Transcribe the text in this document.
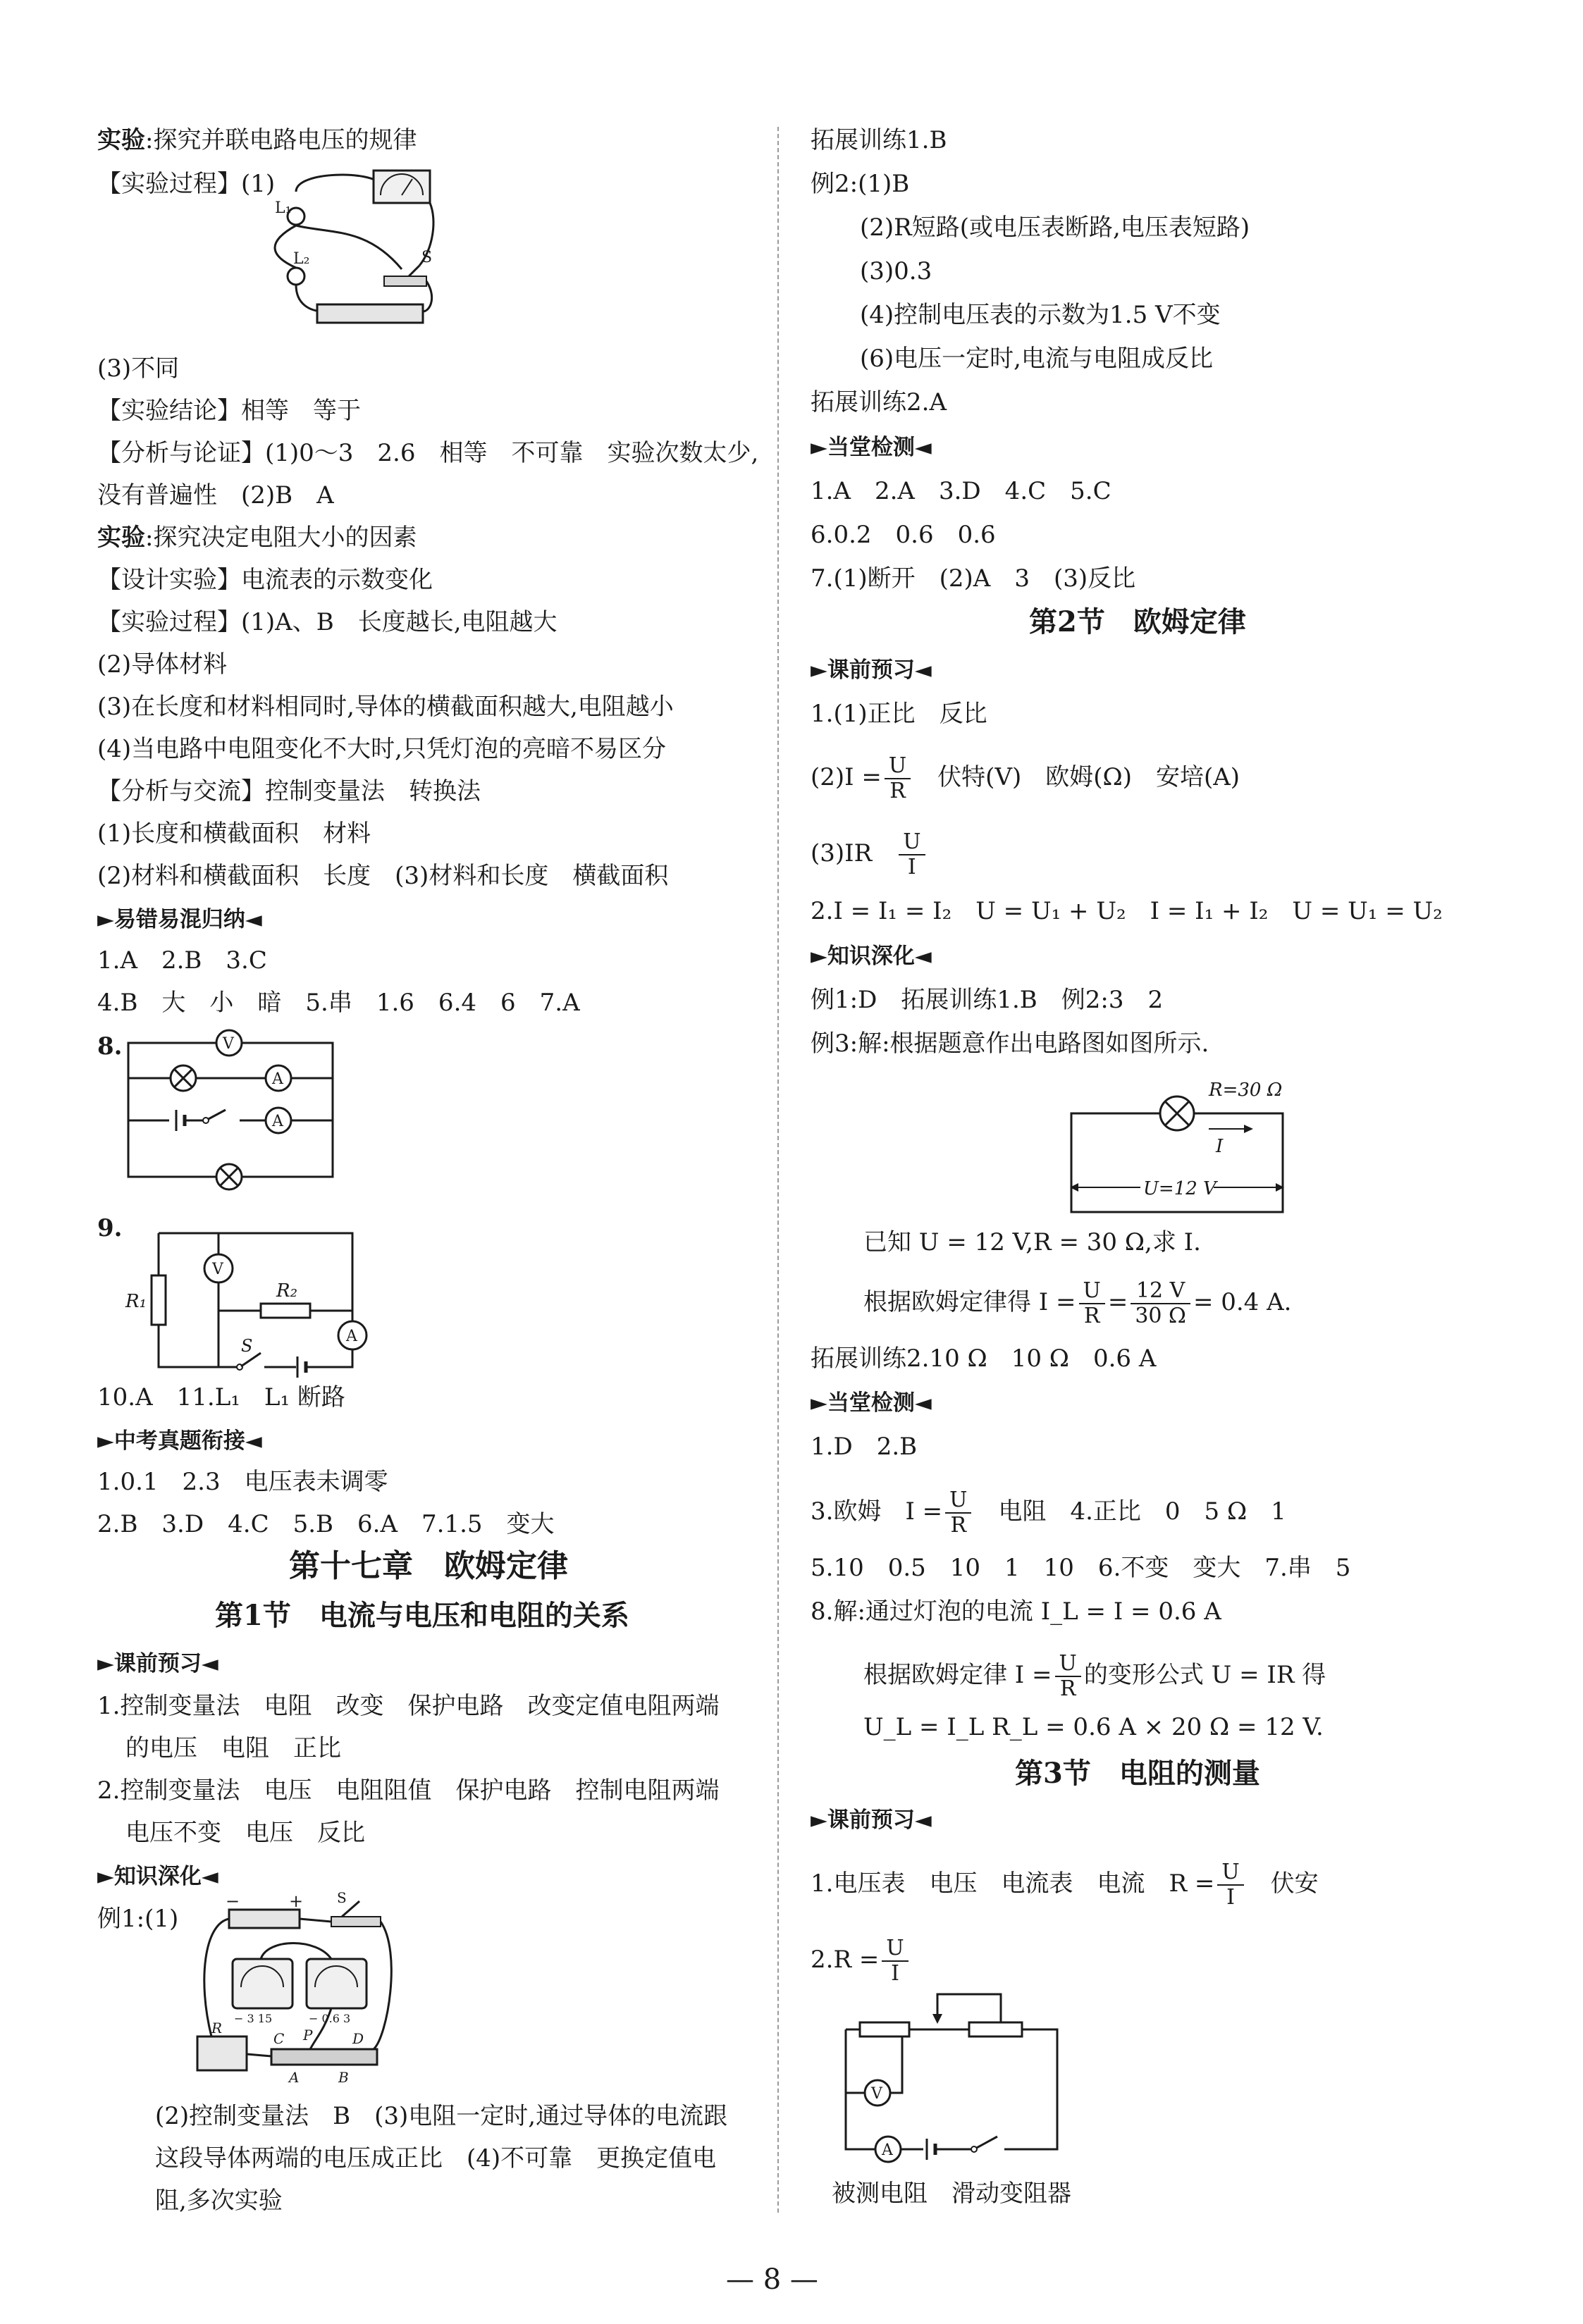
实验:探究并联电路电压的规律
【实验过程】(1)
L₁
L₂	S
(3)不同
【实验结论】相等　等于
【分析与论证】(1)0～3　2.6　相等　不可靠　实验次数太少,
没有普遍性　(2)B　A
实验:探究决定电阻大小的因素
【设计实验】电流表的示数变化
【实验过程】(1)A、B　长度越长,电阻越大
(2)导体材料
(3)在长度和材料相同时,导体的横截面积越大,电阻越小
(4)当电路中电阻变化不大时,只凭灯泡的亮暗不易区分
【分析与交流】控制变量法　转换法
(1)长度和横截面积　材料
(2)材料和横截面积　长度　(3)材料和长度　横截面积
►易错易混归纳◄
1.A　2.B　3.C
4.B　大　小　暗　5.串　1.6　6.4　6　7.A
8.	V
A
A
9.
R₁
V
R₂
A
S
10.A　11.L₁　L₁ 断路
►中考真题衔接◄
1.0.1　2.3　电压表未调零
2.B　3.D　4.C　5.B　6.A　7.1.5　变大
第十七章　欧姆定律
第1节　电流与电压和电阻的关系
►课前预习◄
1.控制变量法　电阻　改变　保护电路　改变定值电阻两端
的电压　电阻　正比
2.控制变量法　电压　电阻阻值　保护电路　控制电阻两端
电压不变　电压　反比
►知识深化◄
例1:(1)
−	+ S
− 3 15	− 0.6 3
R
C P	D
A	B
(2)控制变量法　B　(3)电阻一定时,通过导体的电流跟
这段导体两端的电压成正比　(4)不可靠　更换定值电
阻,多次实验
拓展训练1.B
例2:(1)B
(2)R短路(或电压表断路,电压表短路)
(3)0.3
(4)控制电压表的示数为1.5 V不变
(6)电压一定时,电流与电阻成反比
拓展训练2.A
►当堂检测◄
1.A　2.A　3.D　4.C　5.C
6.0.2　0.6　0.6
7.(1)断开　(2)A　3　(3)反比
第2节　欧姆定律
►课前预习◄
1.(1)正比　反比
$(2)I = \frac{U}{R}$ 　伏特(V)　欧姆(Ω)　安培(A)
(3)IR　 $\frac{U}{I}$
2.I = I₁ = I₂　U = U₁ + U₂　I = I₁ + I₂　U = U₁ = U₂
►知识深化◄
例1:D　拓展训练1.B　例2:3　2
例3:解:根据题意作出电路图如图所示.
R=30 Ω
I
U=12 V
已知 U = 12 V,R = 30 Ω,求 I.
根据欧姆定律得 $I = \frac{U}{R} = \frac{12 V}{30 \Omega} = 0.4$ A.
拓展训练2.10 Ω　10 Ω　0.6 A
►当堂检测◄
1.D　2.B
3.欧姆　$I = \frac{U}{R}$ 　电阻　4.正比　0　5 Ω　1
5.10　0.5　10　1　10　6.不变　变大　7.串　5
8.解:通过灯泡的电流 I_L = I = 0.6 A
根据欧姆定律 $I = \frac{U}{R}$ 的变形公式 U = IR 得
U_L = I_L R_L = 0.6 A × 20 Ω = 12 V.
第3节　电阻的测量
►课前预习◄
1.电压表　电压　电流表　电流　$R = \frac{U}{I}$ 　伏安
$2.R = \frac{U}{I}$
V
A
被测电阻　滑动变阻器
— 8 —
